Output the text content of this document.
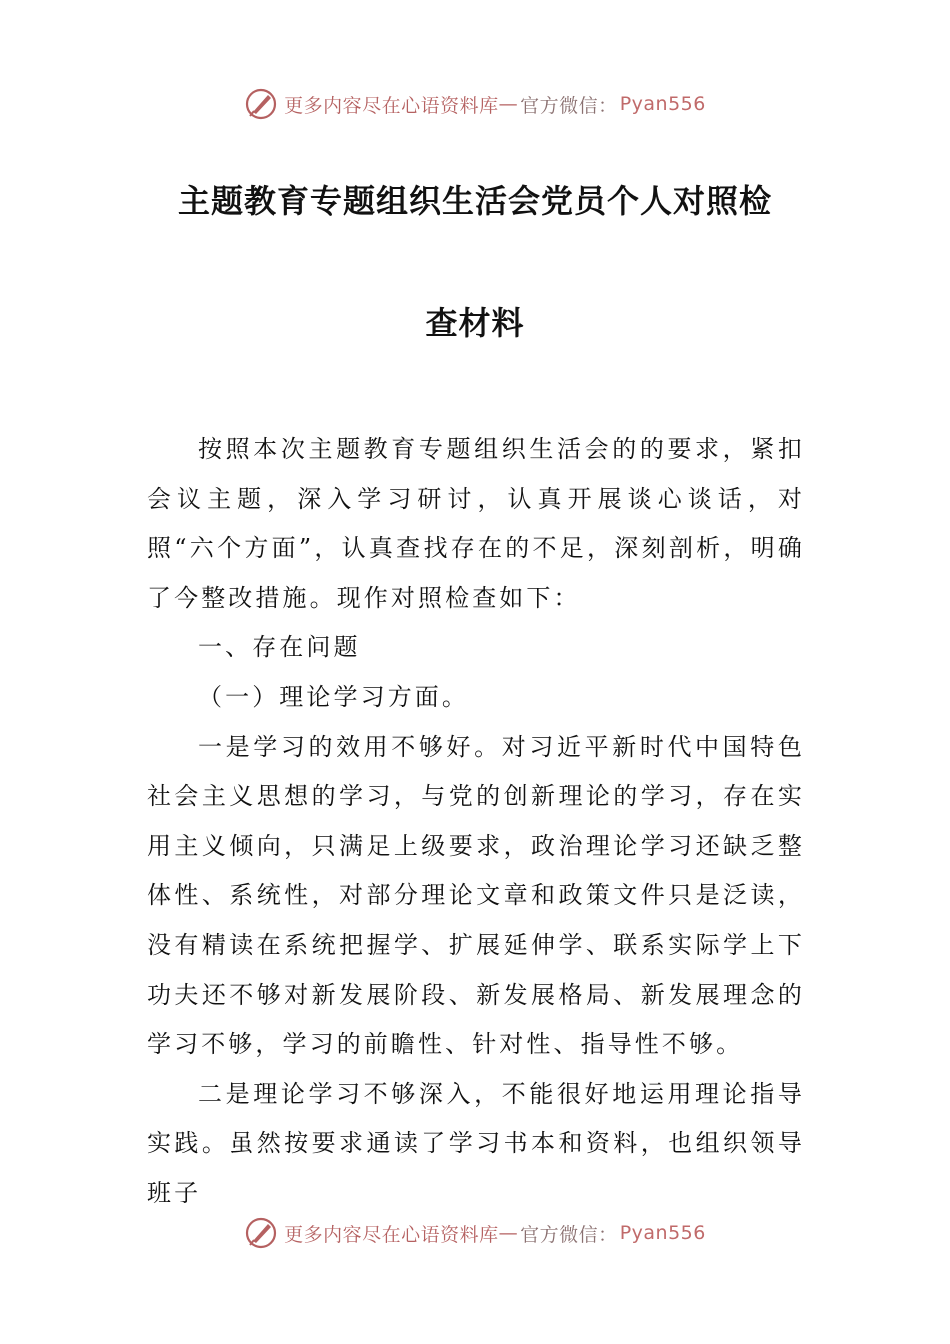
更多内容尽在心语资料库 — 官方微信： Pyan556
主题教育专题组织生活会党员个人对照检
查材料

按照本次主题教育专题组织生活会的的要求，紧扣会议主题，深入学习研讨，认真开展谈心谈话，对照“六个方面”，认真查找存在的不足，深刻剖析，明确了今整改措施。现作对照检查如下：

一、存在问题

（一）理论学习方面。

一是学习的效用不够好。对习近平新时代中国特色社会主义思想的学习，与党的创新理论的学习，存在实用主义倾向，只满足上级要求，政治理论学习还缺乏整体性、系统性，对部分理论文章和政策文件只是泛读，没有精读在系统把握学、扩展延伸学、联系实际学上下功夫还不够对新发展阶段、新发展格局、新发展理念的学习不够，学习的前瞻性、针对性、指导性不够。

二是理论学习不够深入，不能很好地运用理论指导实践。虽然按要求通读了学习书本和资料，也组织领导班子

更多内容尽在心语资料库 — 官方微信： Pyan556
